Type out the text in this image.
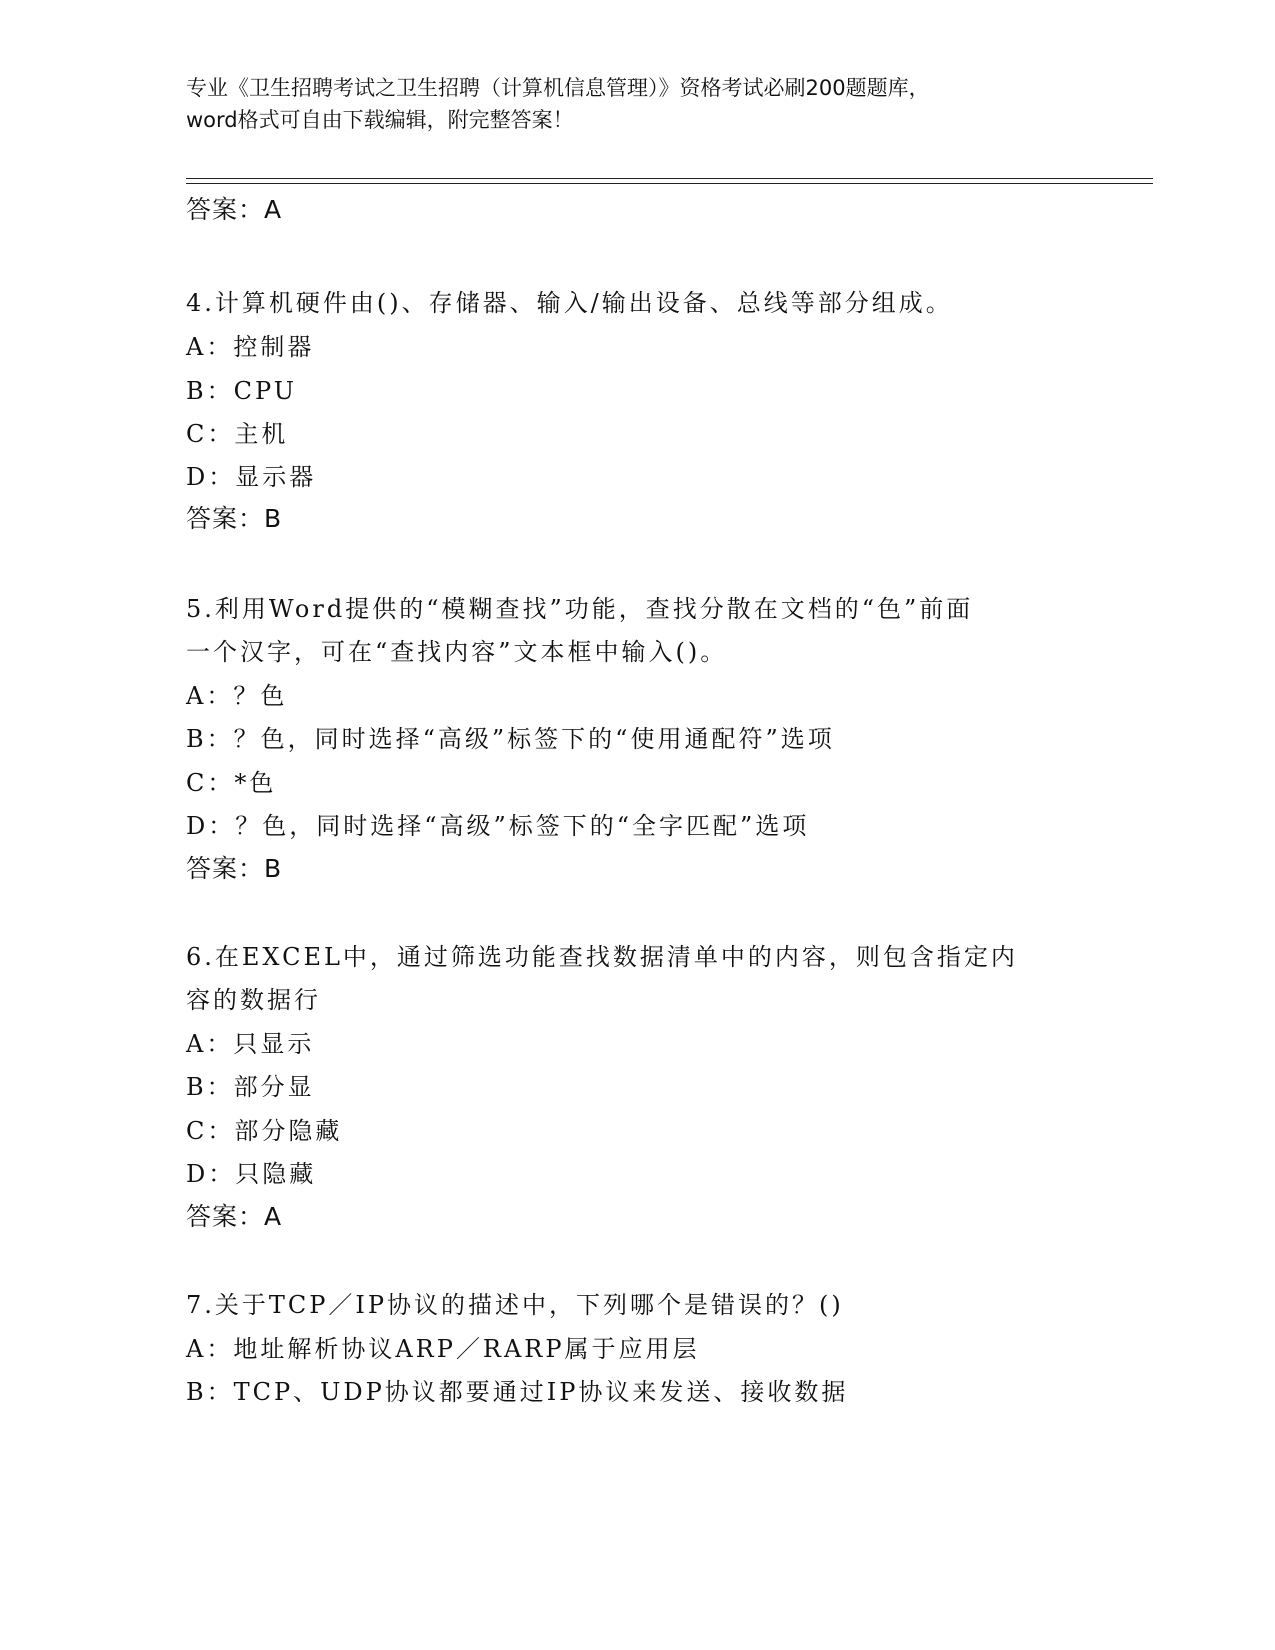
专业《卫生招聘考试之卫生招聘（计算机信息管理）》资格考试必刷200题题库，
word格式可自由下载编辑，附完整答案！
答案：A
4.计算机硬件由()、存储器、输入/输出设备、总线等部分组成。
A：控制器
B：CPU
C：主机
D：显示器
答案：B
5.利用Word提供的“模糊查找”功能，查找分散在文档的“色”前面
一个汉字，可在“查找内容”文本框中输入()。
A：？色
B：？色，同时选择“高级”标签下的“使用通配符”选项
C：*色
D：？色，同时选择“高级”标签下的“全字匹配”选项
答案：B
6.在EXCEL中，通过筛选功能查找数据清单中的内容，则包含指定内
容的数据行
A：只显示
B：部分显
C：部分隐藏
D：只隐藏
答案：A
7.关于TCP／IP协议的描述中，下列哪个是错误的？()
A：地址解析协议ARP／RARP属于应用层
B：TCP、UDP协议都要通过IP协议来发送、接收数据
